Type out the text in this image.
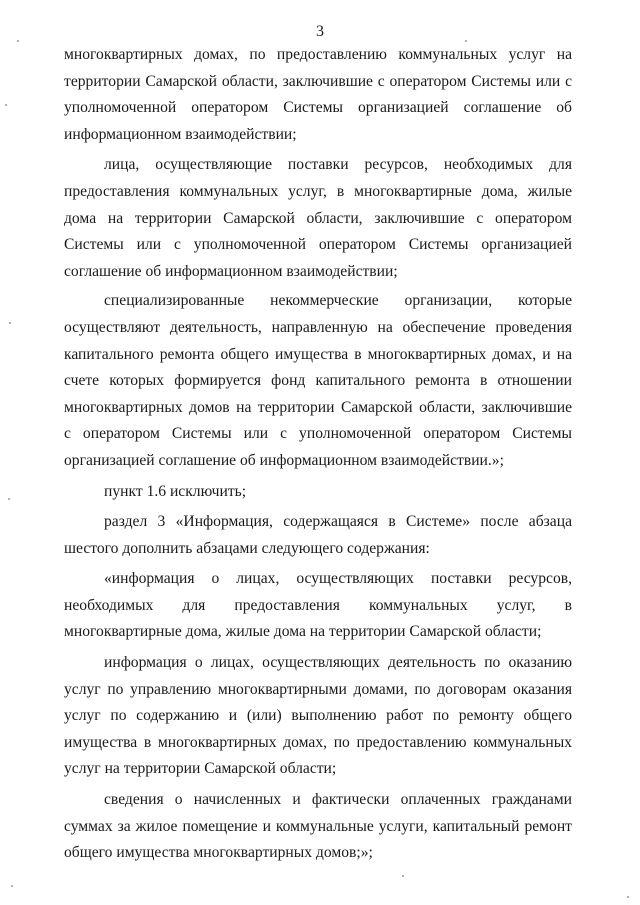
3
многоквартирных домах, по предоставлению коммунальных услуг на
территории Самарской области, заключившие с оператором Системы или с
уполномоченной оператором Системы организацией соглашение об
информационном взаимодействии;
лица, осуществляющие поставки ресурсов, необходимых для
предоставления коммунальных услуг, в многоквартирные дома, жилые
дома на территории Самарской области, заключившие с оператором
Системы или с уполномоченной оператором Системы организацией
соглашение об информационном взаимодействии;
специализированные некоммерческие организации, которые
осуществляют деятельность, направленную на обеспечение проведения
капитального ремонта общего имущества в многоквартирных домах, и на
счете которых формируется фонд капитального ремонта в отношении
многоквартирных домов на территории Самарской области, заключившие
с оператором Системы или с уполномоченной оператором Системы
организацией соглашение об информационном взаимодействии.»;
пункт 1.6 исключить;
раздел 3 «Информация, содержащаяся в Системе» после абзаца
шестого дополнить абзацами следующего содержания:
«информация о лицах, осуществляющих поставки ресурсов,
необходимых для предоставления коммунальных услуг, в
многоквартирные дома, жилые дома на территории Самарской области;
информация о лицах, осуществляющих деятельность по оказанию
услуг по управлению многоквартирными домами, по договорам оказания
услуг по содержанию и (или) выполнению работ по ремонту общего
имущества в многоквартирных домах, по предоставлению коммунальных
услуг на территории Самарской области;
сведения о начисленных и фактически оплаченных гражданами
суммах за жилое помещение и коммунальные услуги, капитальный ремонт
общего имущества многоквартирных домов;»;
